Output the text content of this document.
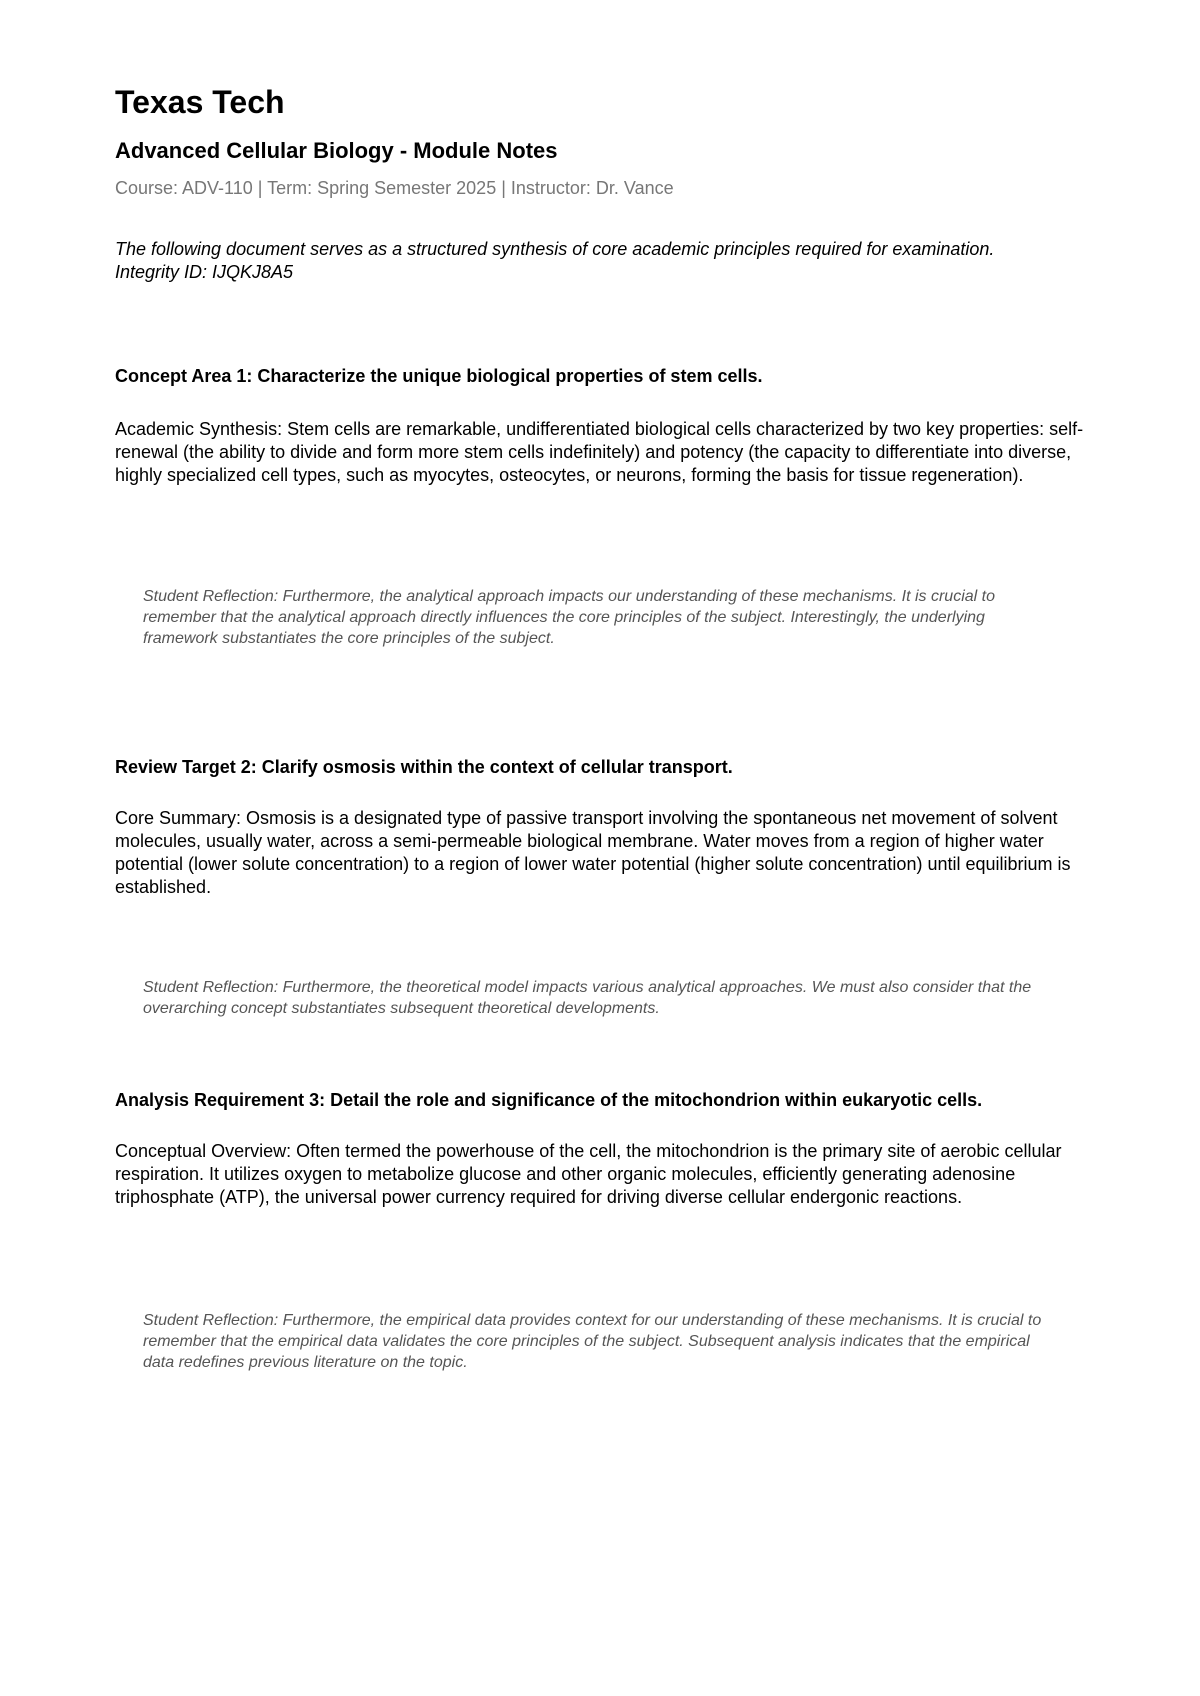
Texas Tech
Advanced Cellular Biology - Module Notes

Course: ADV-110 | Term: Spring Semester 2025 | Instructor: Dr. Vance

The following document serves as a structured synthesis of core academic principles required for examination. Integrity ID: IJQKJ8A5

Concept Area 1: Characterize the unique biological properties of stem cells.

Academic Synthesis: Stem cells are remarkable, undifferentiated biological cells characterized by two key properties: self-renewal (the ability to divide and form more stem cells indefinitely) and potency (the capacity to differentiate into diverse, highly specialized cell types, such as myocytes, osteocytes, or neurons, forming the basis for tissue regeneration).

Student Reflection: Furthermore, the analytical approach impacts our understanding of these mechanisms. It is crucial to remember that the analytical approach directly influences the core principles of the subject. Interestingly, the underlying framework substantiates the core principles of the subject.

Review Target 2: Clarify osmosis within the context of cellular transport.

Core Summary: Osmosis is a designated type of passive transport involving the spontaneous net movement of solvent molecules, usually water, across a semi-permeable biological membrane. Water moves from a region of higher water potential (lower solute concentration) to a region of lower water potential (higher solute concentration) until equilibrium is established.

Student Reflection: Furthermore, the theoretical model impacts various analytical approaches. We must also consider that the overarching concept substantiates subsequent theoretical developments.

Analysis Requirement 3: Detail the role and significance of the mitochondrion within eukaryotic cells.

Conceptual Overview: Often termed the powerhouse of the cell, the mitochondrion is the primary site of aerobic cellular respiration. It utilizes oxygen to metabolize glucose and other organic molecules, efficiently generating adenosine triphosphate (ATP), the universal power currency required for driving diverse cellular endergonic reactions.

Student Reflection: Furthermore, the empirical data provides context for our understanding of these mechanisms. It is crucial to remember that the empirical data validates the core principles of the subject. Subsequent analysis indicates that the empirical data redefines previous literature on the topic.
